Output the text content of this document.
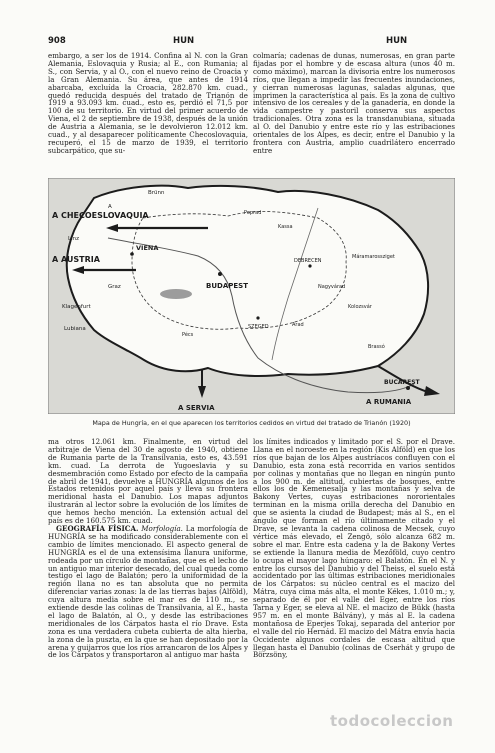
908	HUN	HUN

embargo, a ser los de 1914. Confina al N. con la Gran Alemania, Eslovaquia y Rusia; al E., con Rumania; al S., con Servia, y al O., con el nuevo reino de Croacia y la Gran Alemania. Su área, que antes de 1914 abarcaba, excluída la Croacia, 282.870 km. cuad., quedó reducida después del tratado de Trianón de 1919 a 93.093 km. cuad., esto es, perdió el 71,5 por 100 de su territorio. En virtud del primer acuerdo de Viena, el 2 de septiembre de 1938, después de la unión de Austria a Alemania, se le devolvieron 12.012 km. cuad., y al desaparecer políticamente Checoslovaquia, recuperó, el 15 de marzo de 1939, el territorio subcarpático, que su-

colmaría; cadenas de dunas, numerosas, en gran parte fijadas por el hombre y de escasa altura (unos 40 m. como máximo), marcan la divisoria entre los numerosos ríos, que llegan a impedir las frecuentes inundaciones, y cierran numerosas lagunas, saladas algunas, que imprimen la característica al país. Es la zona de cultivo intensivo de los cereales y de la ganadería, en donde la vida campestre y pastoril conserva sus aspectos tradicionales. Otra zona es la transdanubiana, situada al O. del Danubio y entre este río y las estribaciones orientales de los Alpes, es decir, entre el Danubio y la frontera con Austria, amplio cuadrilátero encerrado entre

A CHECOESLOVAQUIA
A AUSTRIA
A RUMANIA
A SERVIA
VIENA
BUDAPEST
BUCAREST
Brünn
Linz
Graz
Klagenfurt
Lubiana
DEBRECEN
SZEGED
A
Poprad
Kassa
Arad
Pécs
Nagyvárad
Kolozsvár
Máramarossziget
Brassó
Mapa de Hungría, en el que aparecen los territorios cedidos en virtud del tratado de Trianón (1920)

ma otros 12.061 km. Finalmente, en virtud del arbitraje de Viena del 30 de agosto de 1940, obtiene de Rumania parte de la Transilvania, esto es, 43.591 km. cuad. La derrota de Yugoeslavia y su desmembración como Estado por efecto de la campaña de abril de 1941, devuelve a HUNGRÍA algunos de los Estados retenidos por aquel país y lleva su frontera meridional hasta el Danubio. Los mapas adjuntos ilustrarán al lector sobre la evolución de los límites de que hemos hecho mención. La extensión actual del país es de 160.575 km. cuad.

GEOGRAFÍA FÍSICA. Morfología. La morfología de HUNGRÍA se ha modificado considerablemente con el cambio de límites mencionado. El aspecto general de HUNGRÍA es el de una extensísima llanura uniforme, rodeada por un círculo de montañas, que es el lecho de un antiguo mar interior desecado, del cual queda como testigo el lago de Balatón; pero la uniformidad de la región llana no es tan absoluta que no permita diferenciar varias zonas: la de las tierras bajas (Alföld), cuya altura media sobre el mar es de 110 m., se extiende desde las colinas de Transilvania, al E., hasta el lago de Balatón, al O., y desde las estribaciones meridionales de los Cárpatos hasta el río Drave. Esta zona es una verdadera cubeta cubierta de alta hierba, la zona de la puszta, en la que se han depositado por la arena y guijarros que los ríos arrancaron de los Alpes y de los Cárpatos y transportaron al antiguo mar hasta

los límites indicados y limitado por el S. por el Drave. Llana en el noroeste en la región (Kis Alföld) en que los ríos que bajan de los Alpes austríacos confluyen con el Danubio, esta zona está recorrida en varios sentidos por colinas y montañas que no llegan en ningún punto a los 900 m. de altitud, cubiertas de bosques, entre ellos los de Kemenesalja y las montañas y selva de Bakony Vertes, cuyas estribaciones nororientales terminan en la misma orilla derecha del Danubio en que se asienta la ciudad de Budapest; más al S., en el ángulo que forman el río últimamente citado y el Drave, se levanta la cadena colinosa de Mecsek, cuyo vértice más elevado, el Zengö, sólo alcanza 682 m. sobre el mar. Entre esta cadena y la de Bakony Vertes se extiende la llanura media de Mezőföld, cuyo centro lo ocupa el mayor lago húngaro: el Balatón. En el N. y entre los cursos del Danubio y del Theiss, el suelo está accidentado por las últimas estribaciones meridionales de los Cárpatos: su núcleo central es el macizo del Mátra, cuya cima más alta, el monte Kékes, 1.010 m.; y, separado de él por el valle del Eger, entre los ríos Tarna y Eger, se eleva al NE. el macizo de Bükk (hasta 957 m. en el monte Bálvány), y más al E. la cadena montañosa de Eperjes Tokaj, separada del anterior por el valle del río Hernád. El macizo del Mátra envía hacia Occidente algunos cordales de escasa altitud que llegan hasta el Danubio (colinas de Cserhát y grupo de Börzsöny,

todocoleccion
